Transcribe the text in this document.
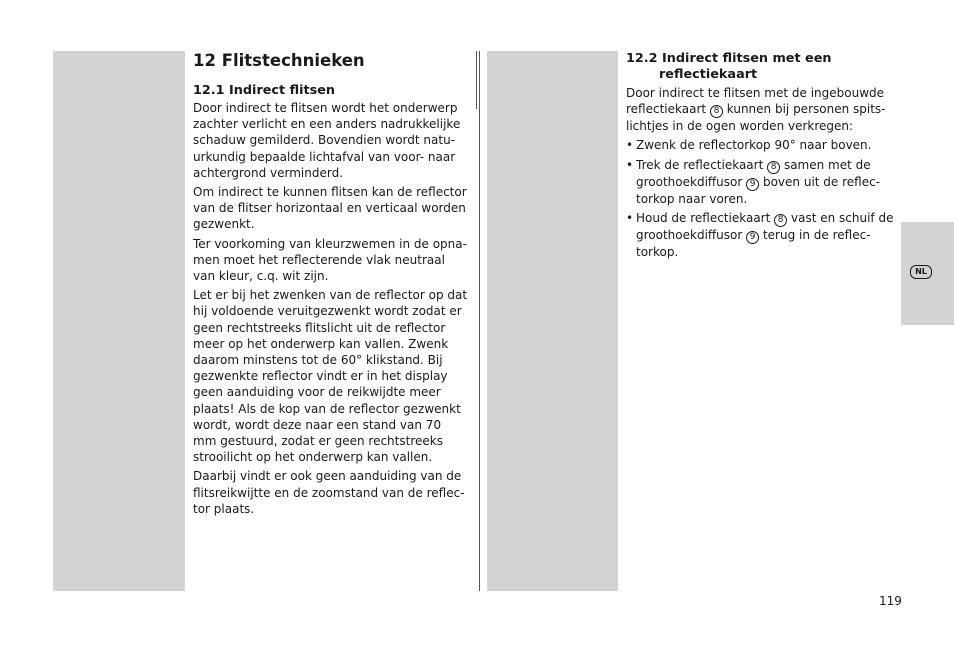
12 Flitstechnieken
12.1 Indirect flitsen

Door indirect te flitsen wordt het onderwerp zachter verlicht en een anders nadrukkelijke schaduw gemilderd. Bovendien wordt natuurkundig bepaalde lichtafval van voor- naar achtergrond verminderd.

Om indirect te kunnen flitsen kan de reflector van de flitser horizontaal en verticaal worden gezwenkt.

Ter voorkoming van kleurzwemen in de opnamen moet het reflecterende vlak neutraal van kleur, c.q. wit zijn.

Let er bij het zwenken van de reflector op dat hij voldoende veruitgezwenkt wordt zodat er geen rechtstreeks flitslicht uit de reflector meer op het onderwerp kan vallen. Zwenk daarom minstens tot de 60° klikstand. Bij gezwenkte reflector vindt er in het display geen aanduiding voor de reikwijdte meer plaats! Als de kop van de reflector gezwenkt wordt, wordt deze naar een stand van 70 mm gestuurd, zodat er geen rechtstreeks strooilicht op het onderwerp kan vallen.

Daarbij vindt er ook geen aanduiding van de flitsreikwijtte en de zoomstand van de reflector plaats.

12.2 Indirect flitsen met een reflectiekaart

Door indirect te flitsen met de ingebouwde reflectiekaart 8 kunnen bij personen spitslichtjes in de ogen worden verkregen:

• Zwenk de reflectorkop 90° naar boven.
• Trek de reflectiekaart 8 samen met de groothoekdiffusor 9 boven uit de reflectorkop naar voren.
• Houd de reflectiekaart 8 vast en schuif de groothoekdiffusor 9 terug in de reflectorkop.
NL
119
